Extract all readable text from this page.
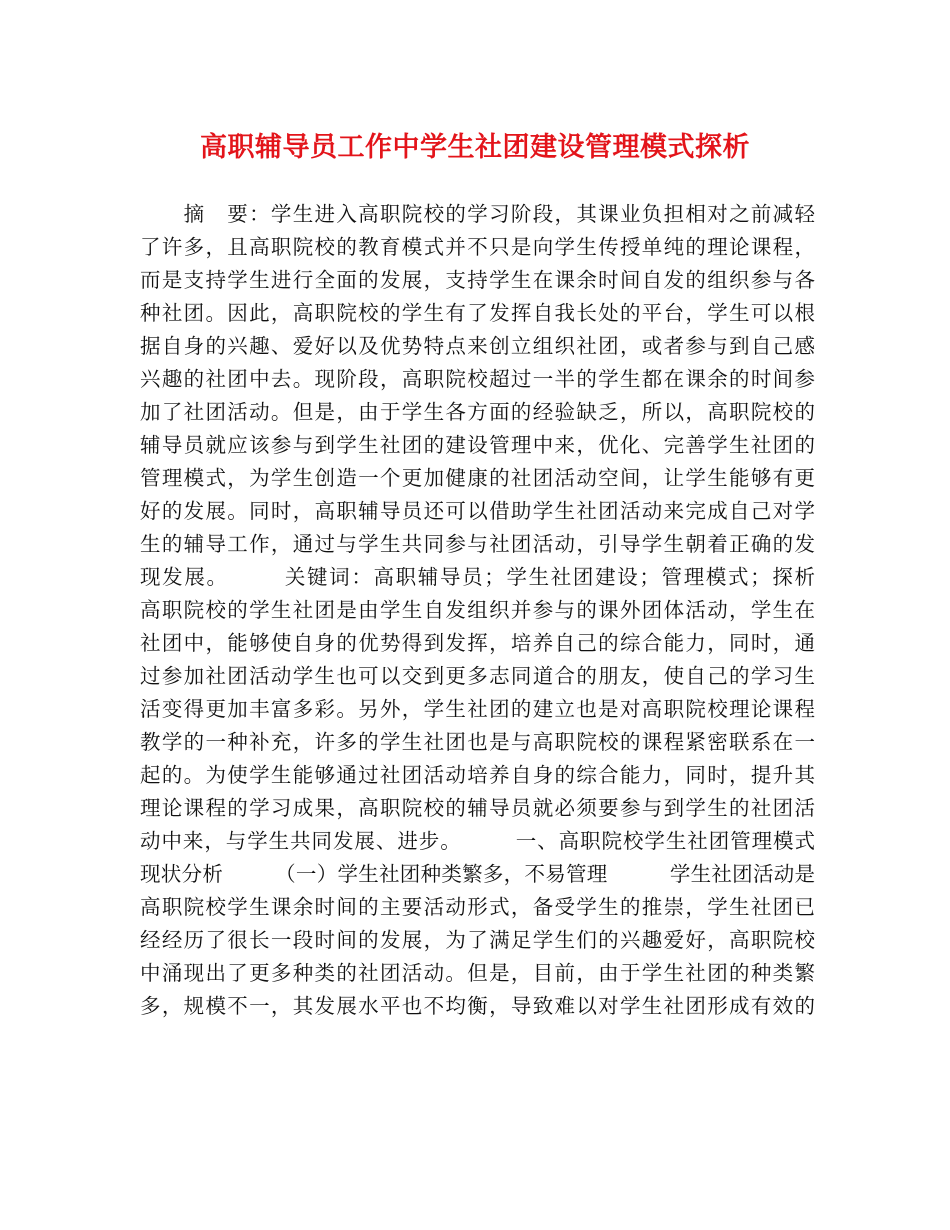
高职辅导员工作中学生社团建设管理模式探析
　　摘　要：学生进入高职院校的学习阶段，其课业负担相对之前减轻
了许多，且高职院校的教育模式并不只是向学生传授单纯的理论课程，
而是支持学生进行全面的发展，支持学生在课余时间自发的组织参与各
种社团。因此，高职院校的学生有了发挥自我长处的平台，学生可以根
据自身的兴趣、爱好以及优势特点来创立组织社团，或者参与到自己感
兴趣的社团中去。现阶段，高职院校超过一半的学生都在课余的时间参
加了社团活动。但是，由于学生各方面的经验缺乏，所以，高职院校的
辅导员就应该参与到学生社团的建设管理中来，优化、完善学生社团的
管理模式，为学生创造一个更加健康的社团活动空间，让学生能够有更
好的发展。同时，高职辅导员还可以借助学生社团活动来完成自己对学
生的辅导工作，通过与学生共同参与社团活动，引导学生朝着正确的发
现发展。　　　关键词：高职辅导员；学生社团建设；管理模式；探析
高职院校的学生社团是由学生自发组织并参与的课外团体活动，学生在
社团中，能够使自身的优势得到发挥，培养自己的综合能力，同时，通
过参加社团活动学生也可以交到更多志同道合的朋友，使自己的学习生
活变得更加丰富多彩。另外，学生社团的建立也是对高职院校理论课程
教学的一种补充，许多的学生社团也是与高职院校的课程紧密联系在一
起的。为使学生能够通过社团活动培养自身的综合能力，同时，提升其
理论课程的学习成果，高职院校的辅导员就必须要参与到学生的社团活
动中来，与学生共同发展、进步。　　　一、高职院校学生社团管理模式
现状分析　　　（一）学生社团种类繁多，不易管理　　　学生社团活动是
高职院校学生课余时间的主要活动形式，备受学生的推崇，学生社团已
经经历了很长一段时间的发展，为了满足学生们的兴趣爱好，高职院校
中涌现出了更多种类的社团活动。但是，目前，由于学生社团的种类繁
多，规模不一，其发展水平也不均衡，导致难以对学生社团形成有效的
